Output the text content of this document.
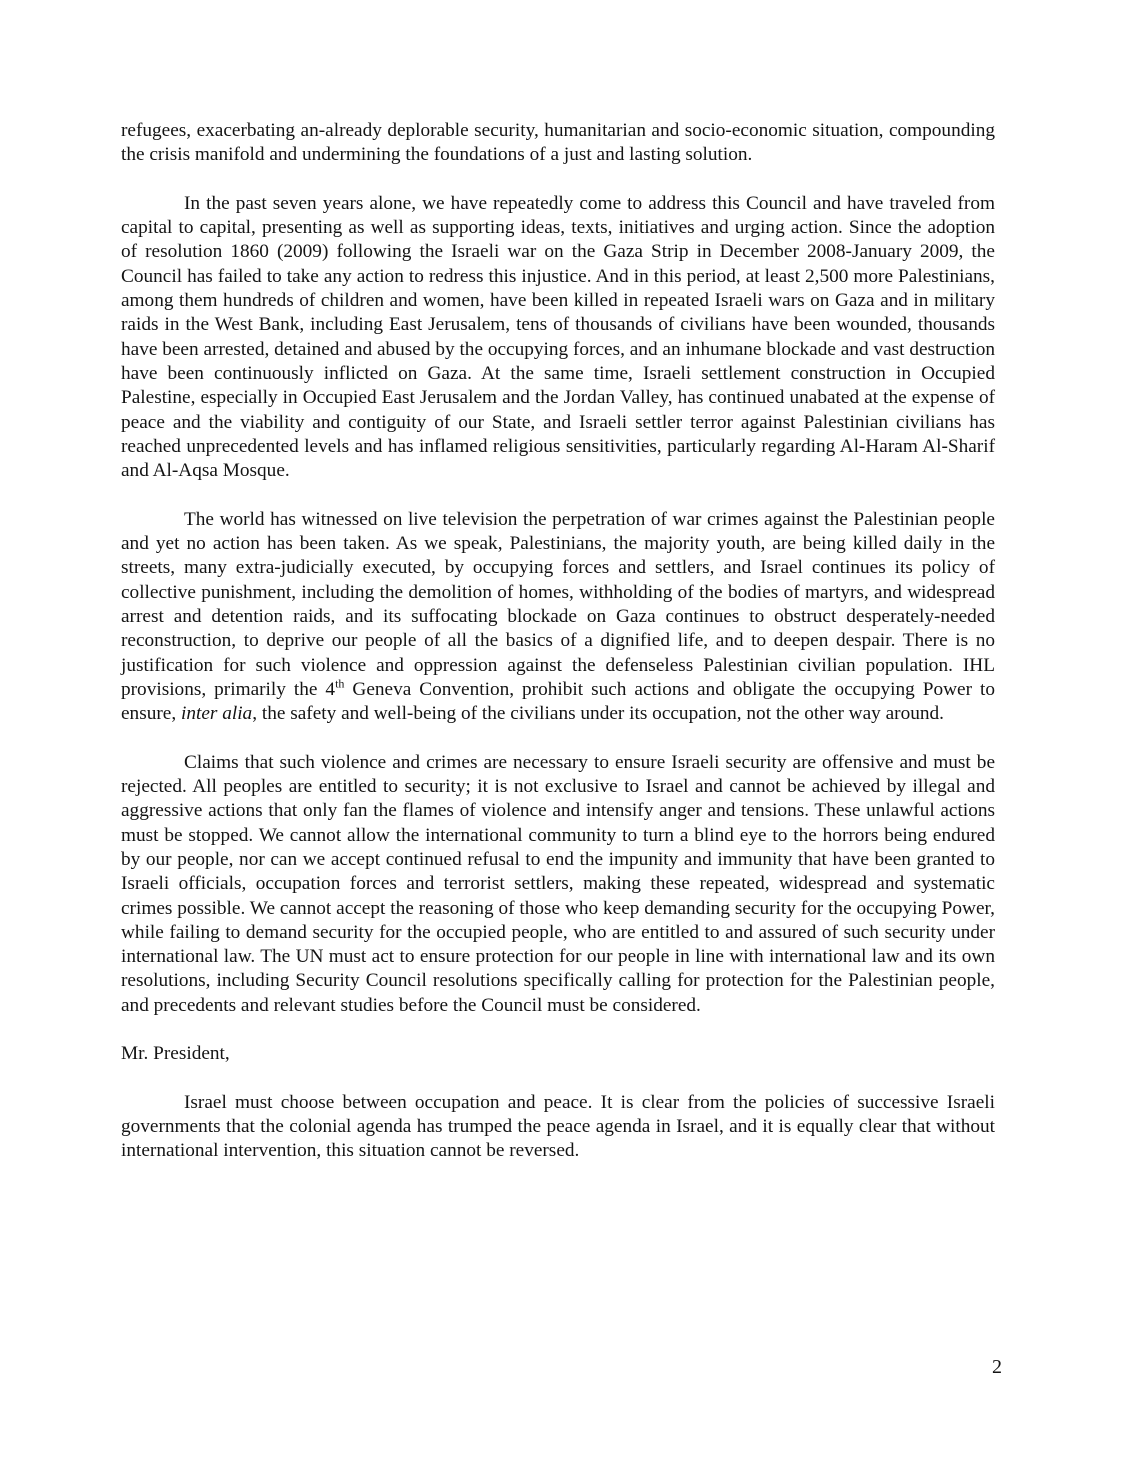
refugees, exacerbating an-already deplorable security, humanitarian and socio-economic situation, compounding the crisis manifold and undermining the foundations of a just and lasting solution.

In the past seven years alone, we have repeatedly come to address this Council and have traveled from capital to capital, presenting as well as supporting ideas, texts, initiatives and urging action. Since the adoption of resolution 1860 (2009) following the Israeli war on the Gaza Strip in December 2008-January 2009, the Council has failed to take any action to redress this injustice. And in this period, at least 2,500 more Palestinians, among them hundreds of children and women, have been killed in repeated Israeli wars on Gaza and in military raids in the West Bank, including East Jerusalem, tens of thousands of civilians have been wounded, thousands have been arrested, detained and abused by the occupying forces, and an inhumane blockade and vast destruction have been continuously inflicted on Gaza. At the same time, Israeli settlement construction in Occupied Palestine, especially in Occupied East Jerusalem and the Jordan Valley, has continued unabated at the expense of peace and the viability and contiguity of our State, and Israeli settler terror against Palestinian civilians has reached unprecedented levels and has inflamed religious sensitivities, particularly regarding Al-Haram Al-Sharif and Al-Aqsa Mosque.

The world has witnessed on live television the perpetration of war crimes against the Palestinian people and yet no action has been taken. As we speak, Palestinians, the majority youth, are being killed daily in the streets, many extra-judicially executed, by occupying forces and settlers, and Israel continues its policy of collective punishment, including the demolition of homes, withholding of the bodies of martyrs, and widespread arrest and detention raids, and its suffocating blockade on Gaza continues to obstruct desperately-needed reconstruction, to deprive our people of all the basics of a dignified life, and to deepen despair. There is no justification for such violence and oppression against the defenseless Palestinian civilian population. IHL provisions, primarily the 4th Geneva Convention, prohibit such actions and obligate the occupying Power to ensure, inter alia, the safety and well-being of the civilians under its occupation, not the other way around.

Claims that such violence and crimes are necessary to ensure Israeli security are offensive and must be rejected. All peoples are entitled to security; it is not exclusive to Israel and cannot be achieved by illegal and aggressive actions that only fan the flames of violence and intensify anger and tensions. These unlawful actions must be stopped. We cannot allow the international community to turn a blind eye to the horrors being endured by our people, nor can we accept continued refusal to end the impunity and immunity that have been granted to Israeli officials, occupation forces and terrorist settlers, making these repeated, widespread and systematic crimes possible. We cannot accept the reasoning of those who keep demanding security for the occupying Power, while failing to demand security for the occupied people, who are entitled to and assured of such security under international law. The UN must act to ensure protection for our people in line with international law and its own resolutions, including Security Council resolutions specifically calling for protection for the Palestinian people, and precedents and relevant studies before the Council must be considered.

Mr. President,

Israel must choose between occupation and peace. It is clear from the policies of successive Israeli governments that the colonial agenda has trumped the peace agenda in Israel, and it is equally clear that without international intervention, this situation cannot be reversed.

2
